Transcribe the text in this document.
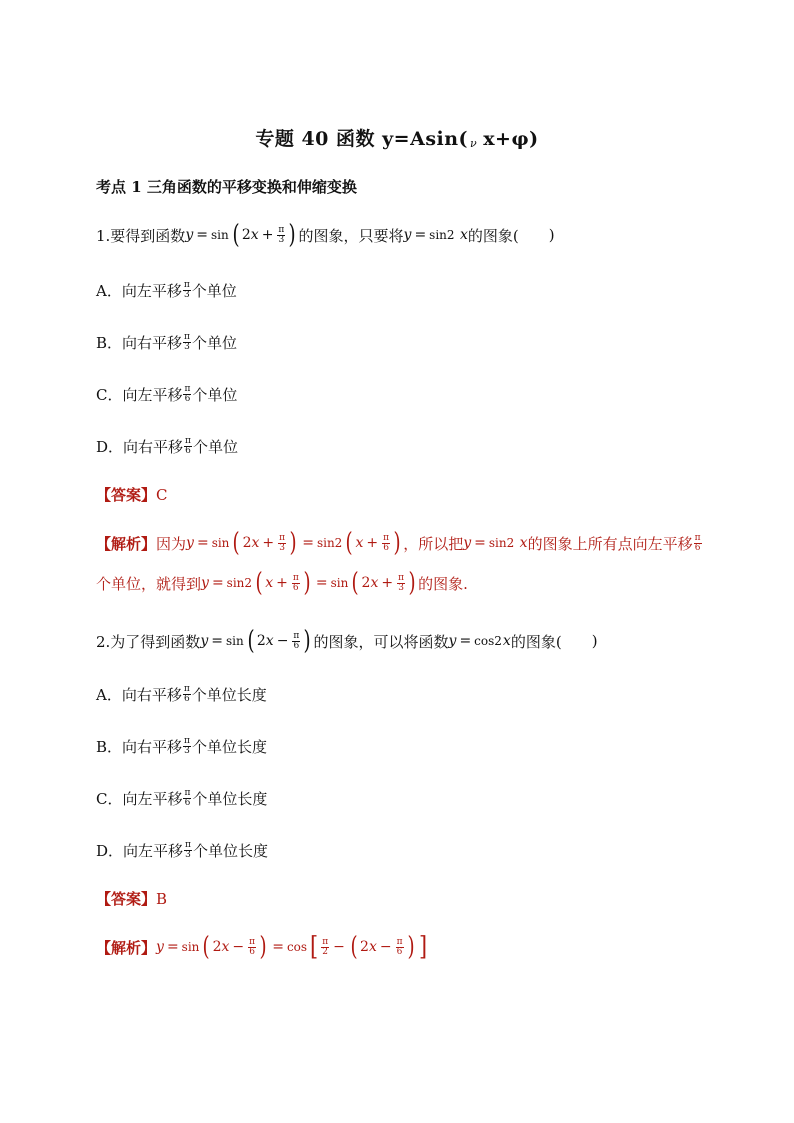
专题 40 函数 y=Asin( ν x+φ)
考点 1 三角函数的平移变换和伸缩变换
1.要得到函数 y = sin ( 2 $x + \frac{\pi}{3}$ ) 的图象，只要将 y = sin2
x 的图象( )
A．向左平移 $\frac{\pi}{3}$ 个单位
B．向右平移 $\frac{\pi}{3}$ 个单位
C．向左平移 $\frac{\pi}{6}$ 个单位
D．向右平移 $\frac{\pi}{6}$ 个单位
【答案】 C
【解析】 因为 y = sin ( 2 $x + \frac{\pi}{3}$ ) = sin2 ( $x + \frac{\pi}{6}$ ) ，所以把 y = sin2
x 的图象上所有点向左平移 $\frac{\pi}{6}$
个单位，就得到 y = sin2 ( $x + \frac{\pi}{6}$ ) = sin ( 2 $x + \frac{\pi}{3}$ ) 的图象.
2.为了得到函数 y = sin ( 2 $x - \frac{\pi}{6}$ ) 的图象，可以将函数 y = cos2 x 的图象( )
A．向右平移 $\frac{\pi}{6}$ 个单位长度
B．向右平移 $\frac{\pi}{3}$ 个单位长度
C．向左平移 $\frac{\pi}{6}$ 个单位长度
D．向左平移 $\frac{\pi}{3}$ 个单位长度
【答案】 B
【解析】 y = sin ( 2 $x - \frac{\pi}{6}$ ) = cos [ $\frac{\pi}{2}$ − ( 2 $x - \frac{\pi}{6}$ ) ]
